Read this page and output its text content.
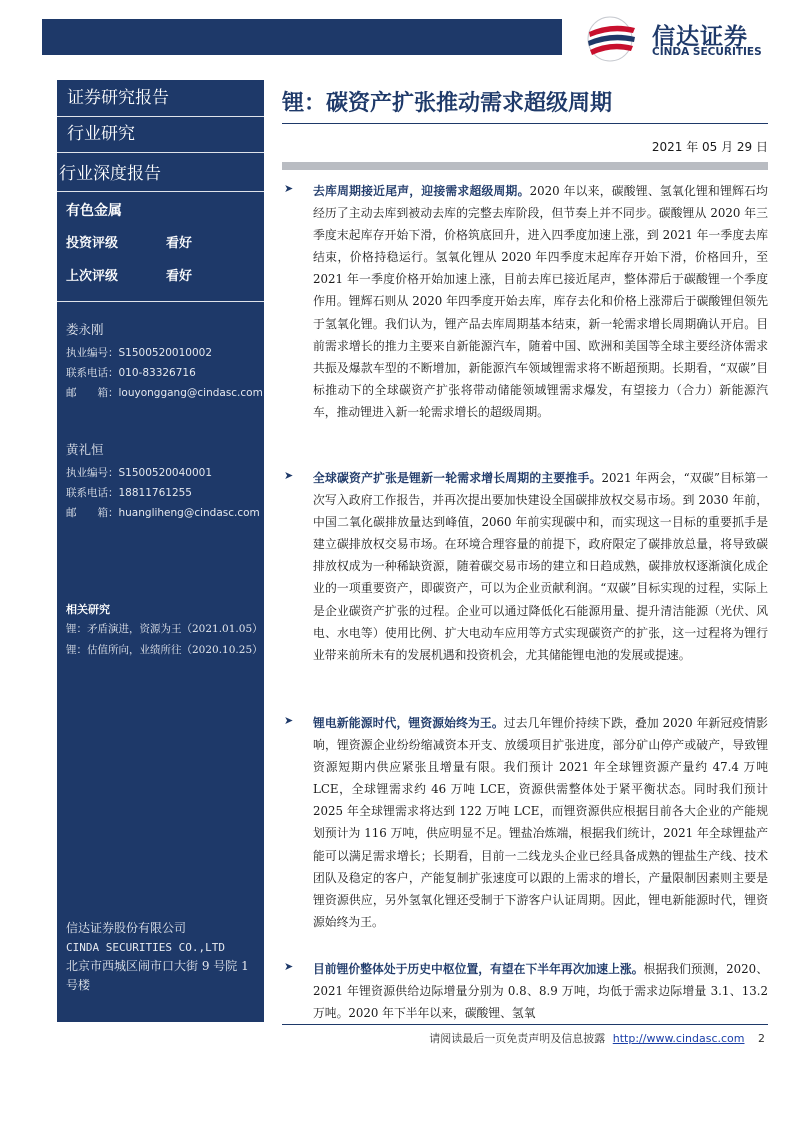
信达证券
CINDA SECURITIES
证券研究报告
行业研究
行业深度报告
有色金属
投资评级	看好
上次评级	看好
娄永刚
执业编号：S1500520010002
联系电话：010-83326716
邮　　箱：louyonggang@cindasc.com
黄礼恒
执业编号：S1500520040001
联系电话：18811761255
邮　　箱：huangliheng@cindasc.com
相关研究
锂：矛盾演进，资源为王（2021.01.05）
锂：估值所向，业绩所往（2020.10.25）
信达证券股份有限公司
CINDA SECURITIES CO.,LTD
北京市西城区闹市口大街 9 号院 1 号楼
锂：碳资产扩张推动需求超级周期
2021 年 05 月 29 日
➤ 去库周期接近尾声，迎接需求超级周期。2020 年以来，碳酸锂、氢氧化锂和锂辉石均经历了主动去库到被动去库的完整去库阶段，但节奏上并不同步。碳酸锂从 2020 年三季度末起库存开始下滑，价格筑底回升，进入四季度加速上涨，到 2021 年一季度去库结束，价格持稳运行。氢氧化锂从 2020 年四季度末起库存开始下滑，价格回升，至 2021 年一季度价格开始加速上涨，目前去库已接近尾声，整体滞后于碳酸锂一个季度作用。锂辉石则从 2020 年四季度开始去库，库存去化和价格上涨滞后于碳酸锂但领先于氢氧化锂。我们认为，锂产品去库周期基本结束，新一轮需求增长周期确认开启。目前需求增长的推力主要来自新能源汽车，随着中国、欧洲和美国等全球主要经济体需求共振及爆款车型的不断增加，新能源汽车领域锂需求将不断超预期。长期看，“双碳”目标推动下的全球碳资产扩张将带动储能领域锂需求爆发，有望接力（合力）新能源汽车，推动锂进入新一轮需求增长的超级周期。
➤ 全球碳资产扩张是锂新一轮需求增长周期的主要推手。2021 年两会，“双碳”目标第一次写入政府工作报告，并再次提出要加快建设全国碳排放权交易市场。到 2030 年前，中国二氧化碳排放量达到峰值，2060 年前实现碳中和，而实现这一目标的重要抓手是建立碳排放权交易市场。在环境合理容量的前提下，政府限定了碳排放总量，将导致碳排放权成为一种稀缺资源，随着碳交易市场的建立和日趋成熟，碳排放权逐渐演化成企业的一项重要资产，即碳资产，可以为企业贡献利润。“双碳”目标实现的过程，实际上是企业碳资产扩张的过程。企业可以通过降低化石能源用量、提升清洁能源（光伏、风电、水电等）使用比例、扩大电动车应用等方式实现碳资产的扩张，这一过程将为锂行业带来前所未有的发展机遇和投资机会，尤其储能锂电池的发展或提速。
➤ 锂电新能源时代，锂资源始终为王。过去几年锂价持续下跌，叠加 2020 年新冠疫情影响，锂资源企业纷纷缩减资本开支、放缓项目扩张进度，部分矿山停产或破产，导致锂资源短期内供应紧张且增量有限。我们预计 2021 年全球锂资源产量约 47.4 万吨 LCE，全球锂需求约 46 万吨 LCE，资源供需整体处于紧平衡状态。同时我们预计 2025 年全球锂需求将达到 122 万吨 LCE，而锂资源供应根据目前各大企业的产能规划预计为 116 万吨，供应明显不足。锂盐冶炼端，根据我们统计，2021 年全球锂盐产能可以满足需求增长；长期看，目前一二线龙头企业已经具备成熟的锂盐生产线、技术团队及稳定的客户，产能复制扩张速度可以跟的上需求的增长，产量限制因素则主要是锂资源供应，另外氢氧化锂还受制于下游客户认证周期。因此，锂电新能源时代，锂资源始终为王。
➤ 目前锂价整体处于历史中枢位置，有望在下半年再次加速上涨。根据我们预测，2020、2021 年锂资源供给边际增量分别为 0.8、8.9 万吨，均低于需求边际增量 3.1、13.2 万吨。2020 年下半年以来，碳酸锂、氢氧
请阅读最后一页免责声明及信息披露 http://www.cindasc.com 2
